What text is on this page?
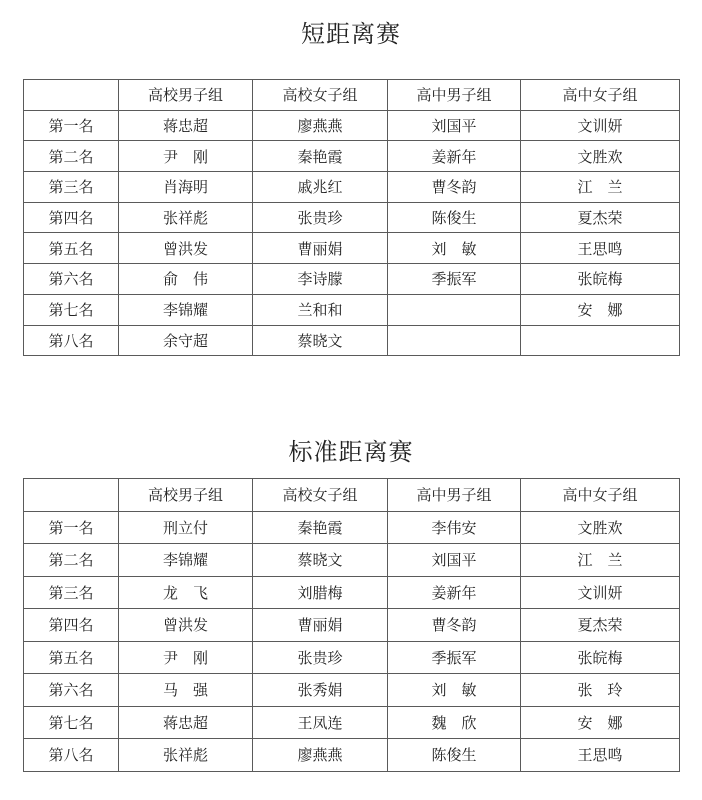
短距离赛
	高校男子组	高校女子组	高中男子组	高中女子组
第一名	蒋忠超	廖燕燕	刘国平	文训妍
第二名	尹　刚	秦艳霞	姜新年	文胜欢
第三名	肖海明	戚兆红	曹冬韵	江　兰
第四名	张祥彪	张贵珍	陈俊生	夏杰荣
第五名	曾洪发	曹丽娟	刘　敏	王思鸣
第六名	俞　伟	李诗朦	季振军	张皖梅
第七名	李锦耀	兰和和		安　娜
第八名	余守超	蔡晓文		
标准距离赛
	高校男子组	高校女子组	高中男子组	高中女子组
第一名	刑立付	秦艳霞	李伟安	文胜欢
第二名	李锦耀	蔡晓文	刘国平	江　兰
第三名	龙　飞	刘腊梅	姜新年	文训妍
第四名	曾洪发	曹丽娟	曹冬韵	夏杰荣
第五名	尹　刚	张贵珍	季振军	张皖梅
第六名	马　强	张秀娟	刘　敏	张　玲
第七名	蒋忠超	王凤连	魏　欣	安　娜
第八名	张祥彪	廖燕燕	陈俊生	王思鸣
